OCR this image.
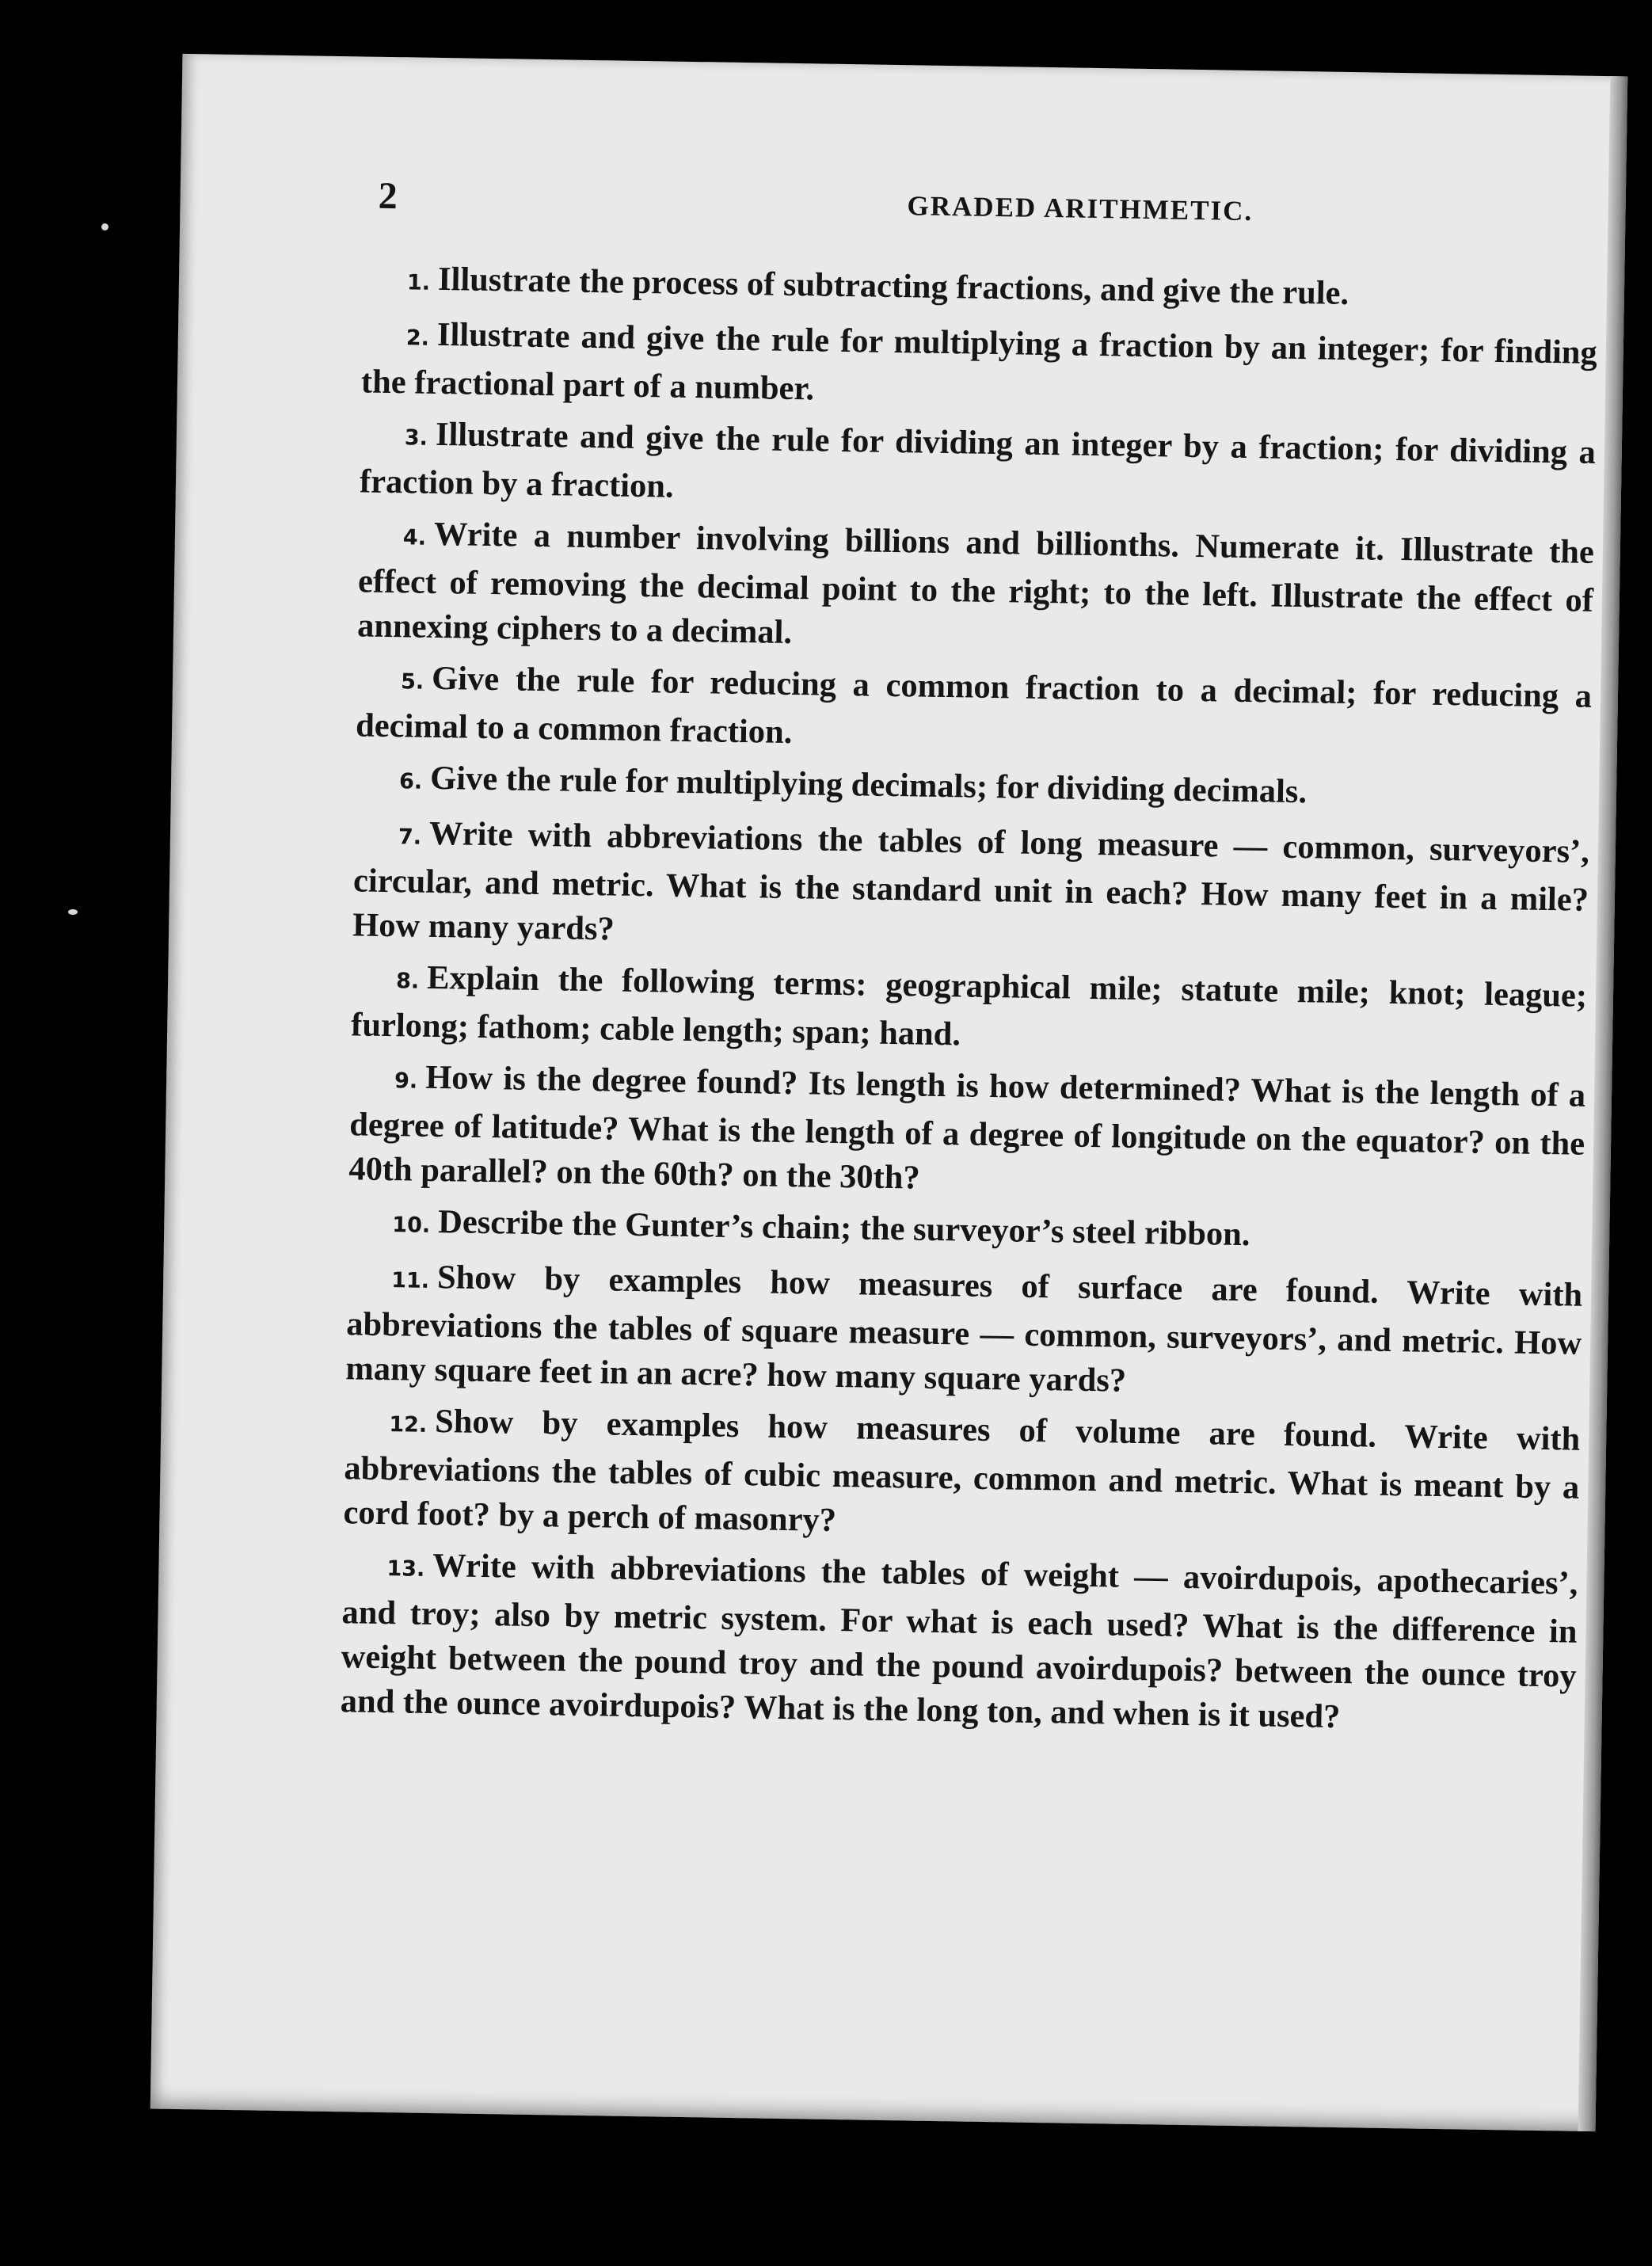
2	GRADED ARITHMETIC.
1. Illustrate the process of subtracting fractions, and give the rule.
2. Illustrate and give the rule for multiplying a fraction by an integer; for finding the fractional part of a number.
3. Illustrate and give the rule for dividing an integer by a fraction; for dividing a fraction by a fraction.
4. Write a number involving billions and billionths. Numerate it. Illustrate the effect of removing the decimal point to the right; to the left. Illustrate the effect of annexing ciphers to a decimal.
5. Give the rule for reducing a common fraction to a decimal; for reducing a decimal to a common fraction.
6. Give the rule for multiplying decimals; for dividing decimals.
7. Write with abbreviations the tables of long measure — common, surveyors’, circular, and metric. What is the standard unit in each? How many feet in a mile? How many yards?
8. Explain the following terms: geographical mile; statute mile; knot; league; furlong; fathom; cable length; span; hand.
9. How is the degree found? Its length is how determined? What is the length of a degree of latitude? What is the length of a degree of longitude on the equator? on the 40th parallel? on the 60th? on the 30th?
10. Describe the Gunter’s chain; the surveyor’s steel ribbon.
11. Show by examples how measures of surface are found. Write with abbreviations the tables of square measure — common, surveyors’, and metric. How many square feet in an acre? how many square yards?
12. Show by examples how measures of volume are found. Write with abbreviations the tables of cubic measure, common and metric. What is meant by a cord foot? by a perch of masonry?
13. Write with abbreviations the tables of weight — avoirdupois, apothecaries’, and troy; also by metric system. For what is each used? What is the difference in weight between the pound troy and the pound avoirdupois? between the ounce troy and the ounce avoirdupois? What is the long ton, and when is it used?
